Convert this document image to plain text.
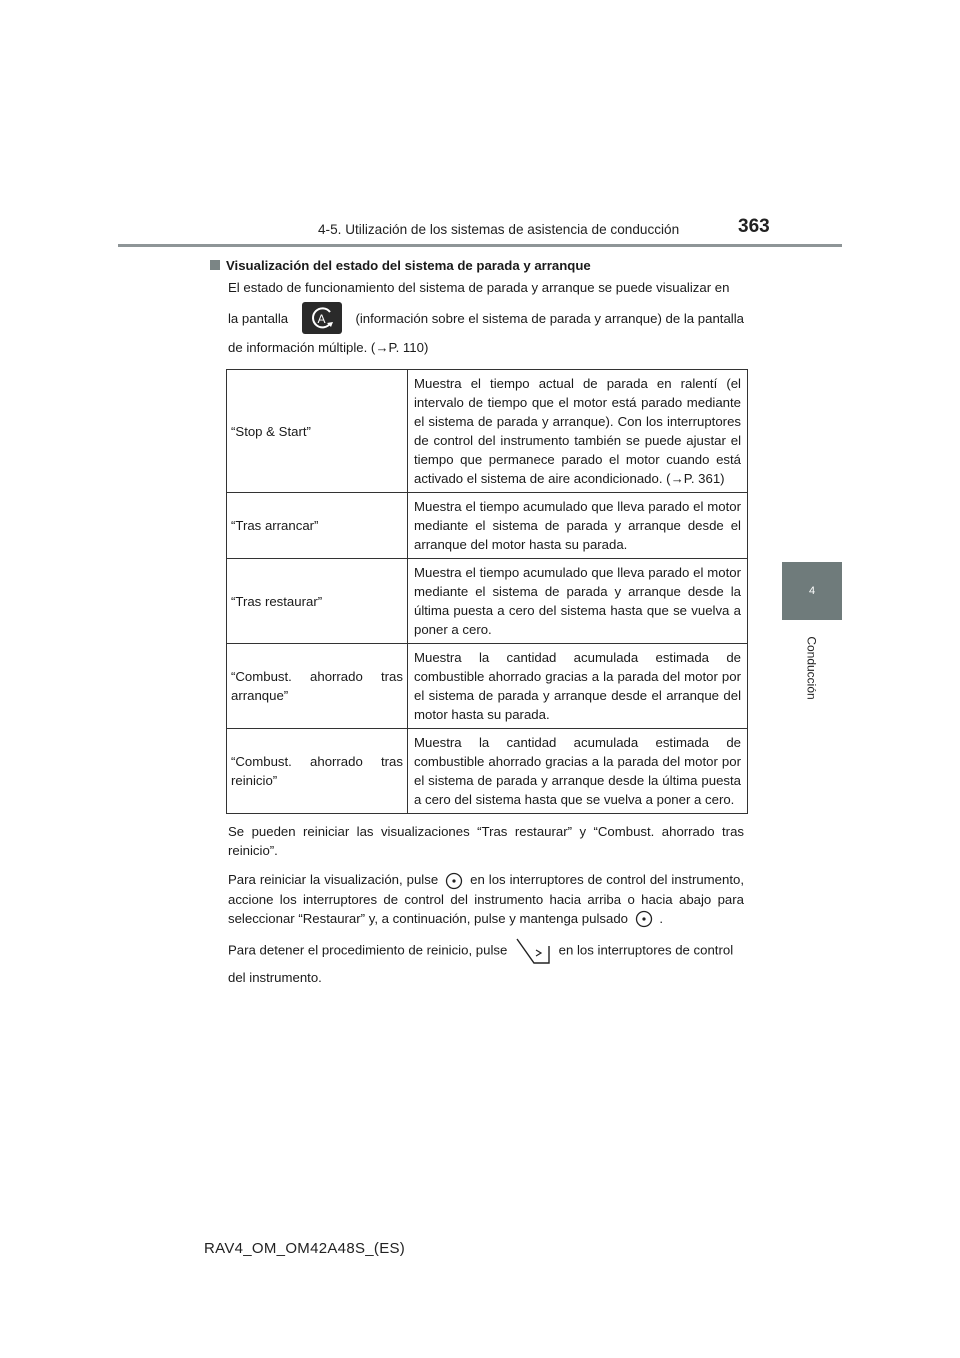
4-5. Utilización de los sistemas de asistencia de conducción	363
4
Conducción
Visualización del estado del sistema de parada y arranque

El estado de funcionamiento del sistema de parada y arranque se puede visualizar en

la pantalla A (información sobre el sistema de parada y arranque) de la pantalla

de información múltiple. (→P. 110)

“Stop & Start”	Muestra el tiempo actual de parada en ralentí (el intervalo de tiempo que el motor está parado mediante el sistema de parada y arranque). Con los interruptores de control del instrumento también se puede ajustar el tiempo que permanece parado el motor cuando está activado el sistema de aire acondicionado. (→P. 361)
“Tras arrancar”	Muestra el tiempo acumulado que lleva parado el motor mediante el sistema de parada y arranque desde el arranque del motor hasta su parada.
“Tras restaurar”	Muestra el tiempo acumulado que lleva parado el motor mediante el sistema de parada y arranque desde la última puesta a cero del sistema hasta que se vuelva a poner a cero.
“Combust. ahorrado tras arranque”	Muestra la cantidad acumulada estimada de combustible ahorrado gracias a la parada del motor por el sistema de parada y arranque desde el arranque del motor hasta su parada.
“Combust. ahorrado tras reinicio”	Muestra la cantidad acumulada estimada de combustible ahorrado gracias a la parada del motor por el sistema de parada y arranque desde la última puesta a cero del sistema hasta que se vuelva a poner a cero.

Se pueden reiniciar las visualizaciones “Tras restaurar” y “Combust. ahorrado tras reinicio”.

Para reiniciar la visualización, pulse en los interruptores de control del instrumento, accione los interruptores de control del instrumento hacia arriba o hacia abajo para seleccionar “Restaurar” y, a continuación, pulse y mantenga pulsado .

Para detener el procedimiento de reinicio, pulse	en los interruptores de control
del instrumento.

RAV4_OM_OM42A48S_(ES)
